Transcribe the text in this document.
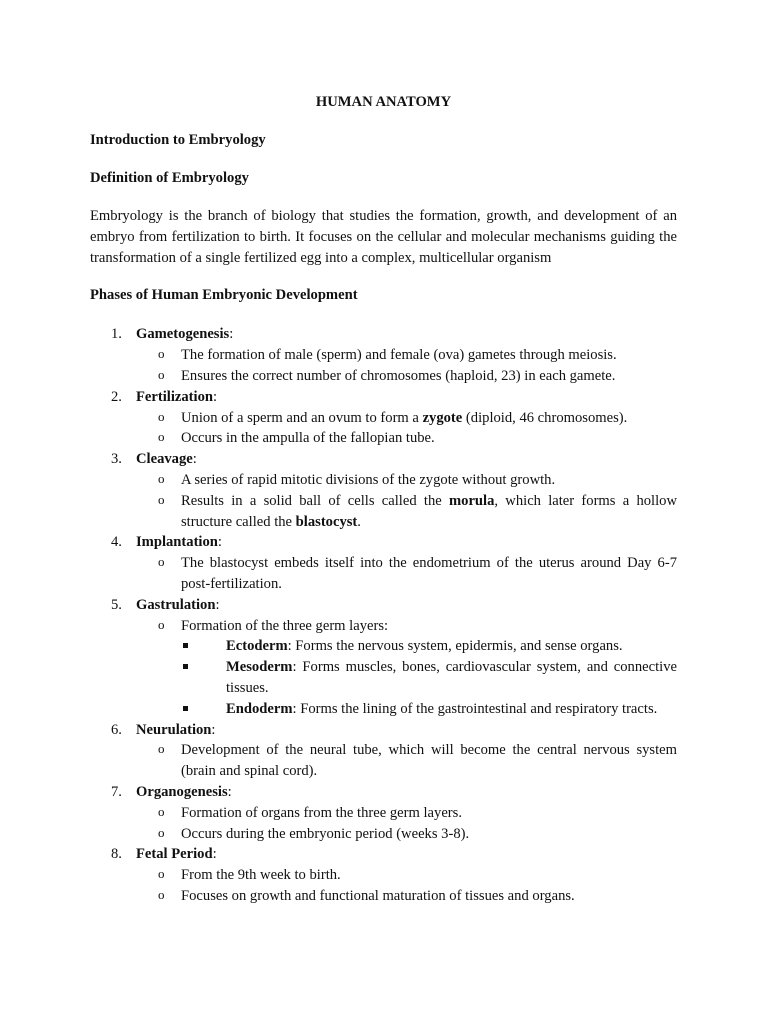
HUMAN ANATOMY
Introduction to Embryology
Definition of Embryology

Embryology is the branch of biology that studies the formation, growth, and development of an embryo from fertilization to birth. It focuses on the cellular and molecular mechanisms guiding the transformation of a single fertilized egg into a complex, multicellular organism

Phases of Human Embryonic Development
1. Gametogenesis:
o The formation of male (sperm) and female (ova) gametes through meiosis.
o Ensures the correct number of chromosomes (haploid, 23) in each gamete.
2. Fertilization:
o Union of a sperm and an ovum to form a zygote (diploid, 46 chromosomes).
o Occurs in the ampulla of the fallopian tube.
3. Cleavage:
o A series of rapid mitotic divisions of the zygote without growth.
o Results in a solid ball of cells called the morula, which later forms a hollow structure called the blastocyst.
4. Implantation:
o The blastocyst embeds itself into the endometrium of the uterus around Day 6-7 post-fertilization.
5. Gastrulation:
o Formation of the three germ layers:
Ectoderm: Forms the nervous system, epidermis, and sense organs.
Mesoderm: Forms muscles, bones, cardiovascular system, and connective tissues.
Endoderm: Forms the lining of the gastrointestinal and respiratory tracts.
6. Neurulation:
o Development of the neural tube, which will become the central nervous system (brain and spinal cord).
7. Organogenesis:
o Formation of organs from the three germ layers.
o Occurs during the embryonic period (weeks 3-8).
8. Fetal Period:
o From the 9th week to birth.
o Focuses on growth and functional maturation of tissues and organs.
